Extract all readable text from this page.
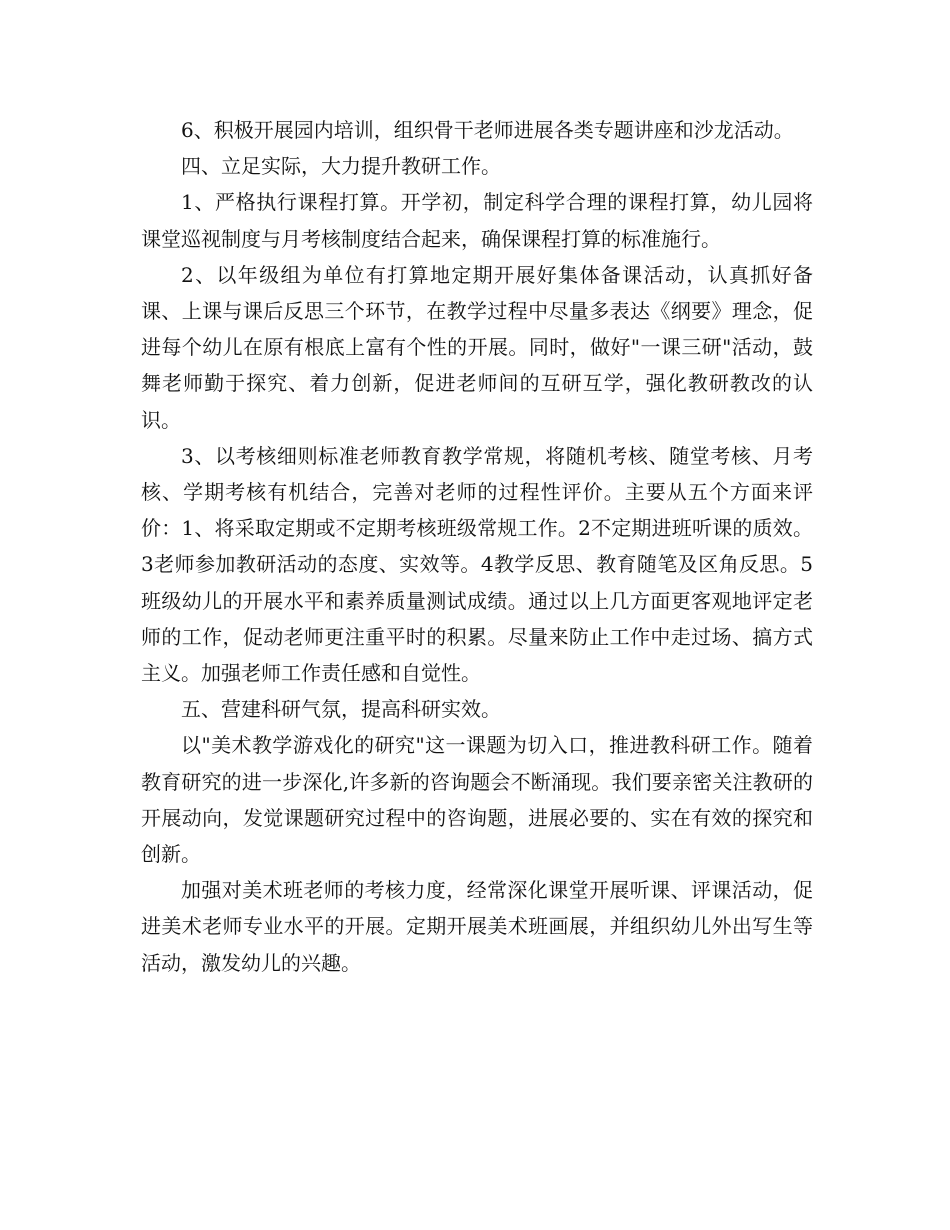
6、积极开展园内培训，组织骨干老师进展各类专题讲座和沙龙活动。

四、立足实际，大力提升教研工作。

1、严格执行课程打算。开学初，制定科学合理的课程打算，幼儿园将课堂巡视制度与月考核制度结合起来，确保课程打算的标准施行。

2、以年级组为单位有打算地定期开展好集体备课活动，认真抓好备课、上课与课后反思三个环节，在教学过程中尽量多表达《纲要》理念，促进每个幼儿在原有根底上富有个性的开展。同时，做好"一课三研"活动，鼓舞老师勤于探究、着力创新，促进老师间的互研互学，强化教研教改的认识。

3、以考核细则标准老师教育教学常规，将随机考核、随堂考核、月考核、学期考核有机结合，完善对老师的过程性评价。主要从五个方面来评价：1、将采取定期或不定期考核班级常规工作。2不定期进班听课的质效。3老师参加教研活动的态度、实效等。4教学反思、教育随笔及区角反思。5班级幼儿的开展水平和素养质量测试成绩。通过以上几方面更客观地评定老师的工作，促动老师更注重平时的积累。尽量来防止工作中走过场、搞方式主义。加强老师工作责任感和自觉性。

五、营建科研气氛，提高科研实效。

以"美术教学游戏化的研究"这一课题为切入口，推进教科研工作。随着教育研究的进一步深化,许多新的咨询题会不断涌现。我们要亲密关注教研的开展动向，发觉课题研究过程中的咨询题，进展必要的、实在有效的探究和创新。

加强对美术班老师的考核力度，经常深化课堂开展听课、评课活动，促进美术老师专业水平的开展。定期开展美术班画展，并组织幼儿外出写生等活动，激发幼儿的兴趣。
